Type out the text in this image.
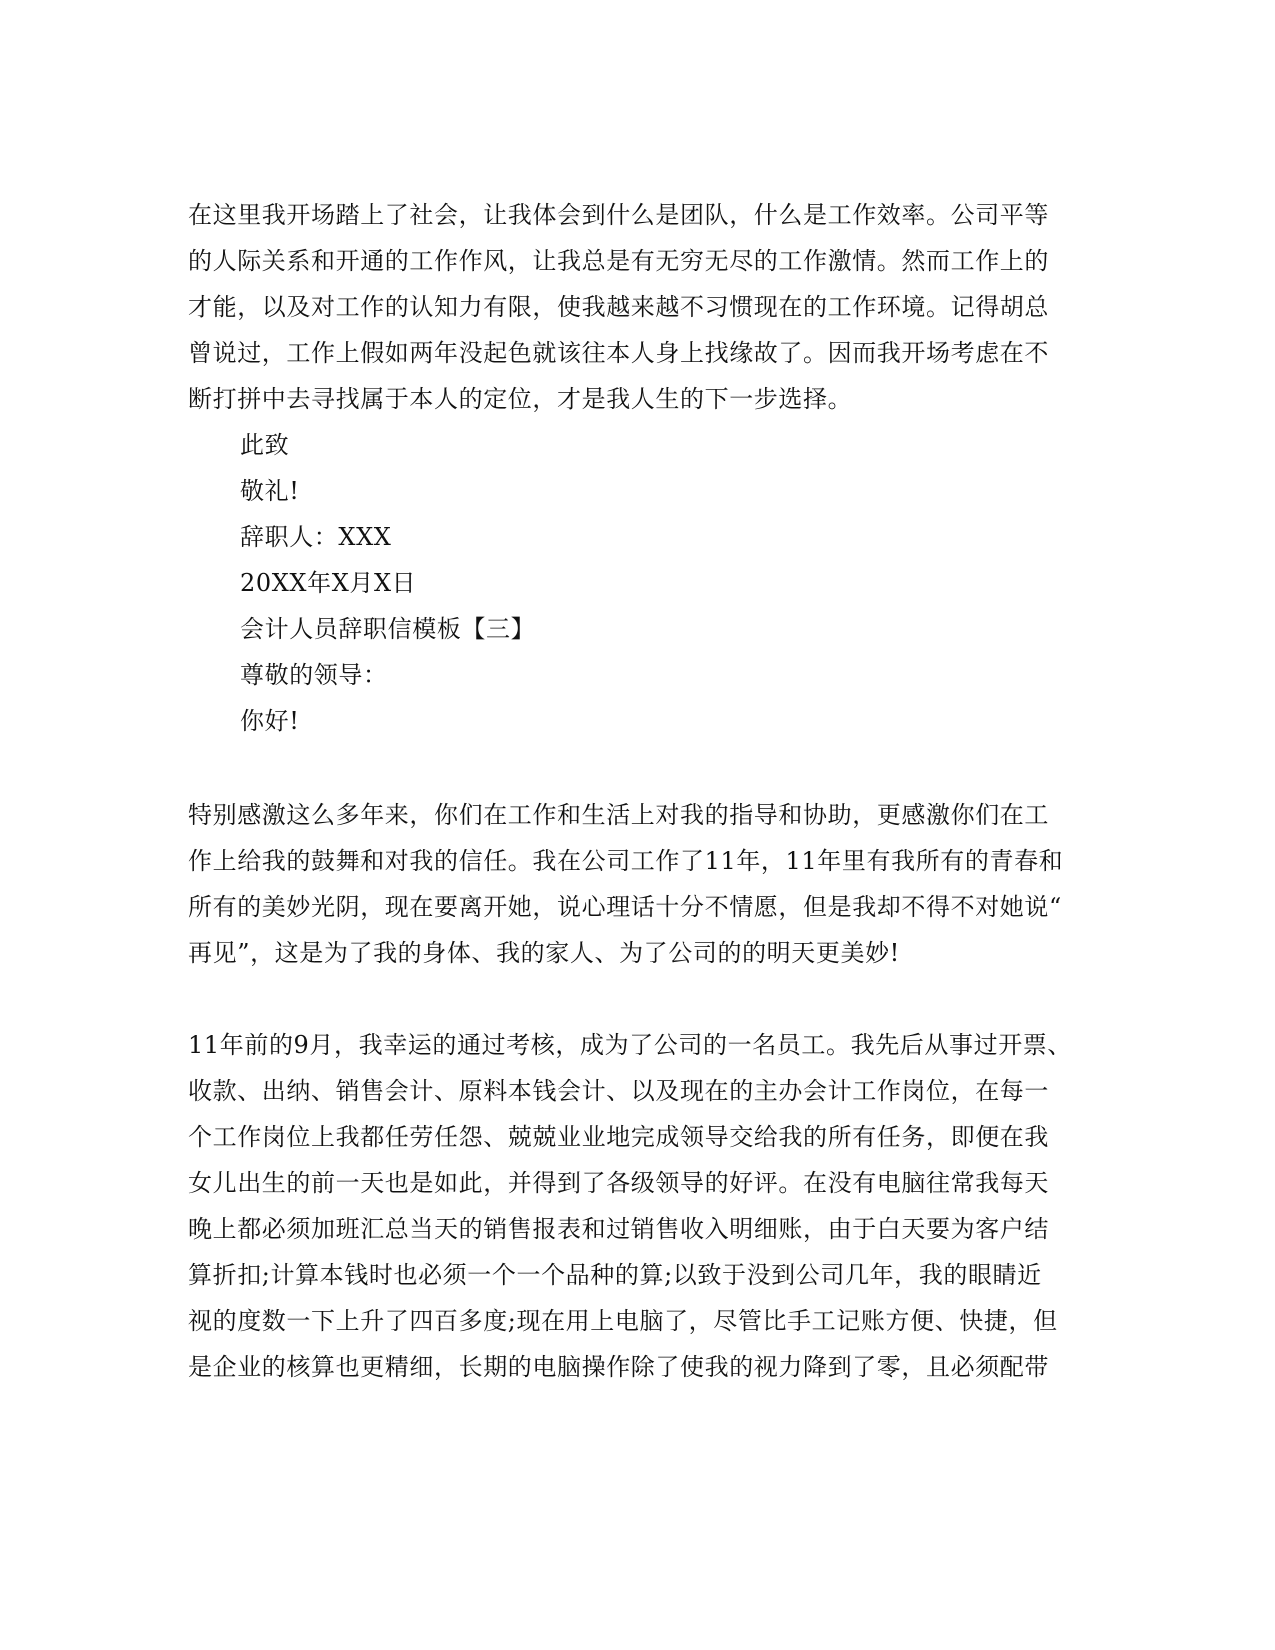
在这里我开场踏上了社会，让我体会到什么是团队，什么是工作效率。公司平等
的人际关系和开通的工作作风，让我总是有无穷无尽的工作激情。然而工作上的
才能，以及对工作的认知力有限，使我越来越不习惯现在的工作环境。记得胡总
曾说过，工作上假如两年没起色就该往本人身上找缘故了。因而我开场考虑在不
断打拼中去寻找属于本人的定位，才是我人生的下一步选择。
此致
敬礼!
辞职人：XXX
20XX年X月X日
会计人员辞职信模板【三】
尊敬的领导：
你好!
特别感激这么多年来，你们在工作和生活上对我的指导和协助，更感激你们在工
作上给我的鼓舞和对我的信任。我在公司工作了11年，11年里有我所有的青春和
所有的美妙光阴，现在要离开她，说心理话十分不情愿，但是我却不得不对她说“
再见”，这是为了我的身体、我的家人、为了公司的的明天更美妙!
11年前的9月，我幸运的通过考核，成为了公司的一名员工。我先后从事过开票、
收款、出纳、销售会计、原料本钱会计、以及现在的主办会计工作岗位，在每一
个工作岗位上我都任劳任怨、兢兢业业地完成领导交给我的所有任务，即便在我
女儿出生的前一天也是如此，并得到了各级领导的好评。在没有电脑往常我每天
晚上都必须加班汇总当天的销售报表和过销售收入明细账，由于白天要为客户结
算折扣;计算本钱时也必须一个一个品种的算;以致于没到公司几年，我的眼睛近
视的度数一下上升了四百多度;现在用上电脑了，尽管比手工记账方便、快捷，但
是企业的核算也更精细，长期的电脑操作除了使我的视力降到了零，且必须配带
